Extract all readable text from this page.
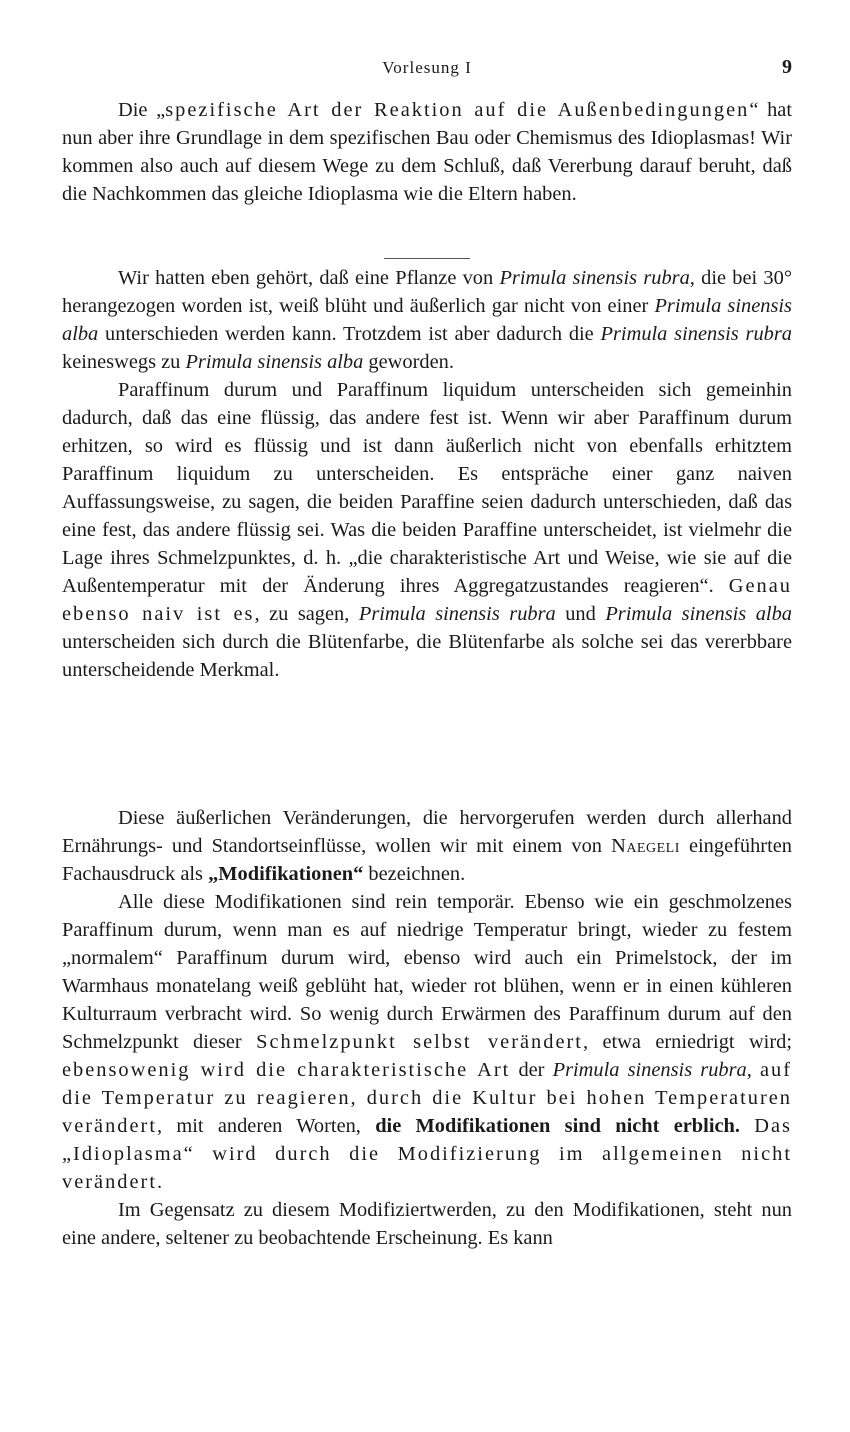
Vorlesung I	9

Die „spezifische Art der Reaktion auf die Außenbedingungen“ hat nun aber ihre Grundlage in dem spezifischen Bau oder Chemismus des Idioplasmas! Wir kommen also auch auf diesem Wege zu dem Schluß, daß Vererbung darauf beruht, daß die Nachkommen das gleiche Idioplasma wie die Eltern haben.

Wir hatten eben gehört, daß eine Pflanze von Primula sinensis rubra, die bei 30° herangezogen worden ist, weiß blüht und äußerlich gar nicht von einer Primula sinensis alba unterschieden werden kann. Trotzdem ist aber dadurch die Primula sinensis rubra keineswegs zu Primula sinensis alba geworden.

Paraffinum durum und Paraffinum liquidum unterscheiden sich gemeinhin dadurch, daß das eine flüssig, das andere fest ist. Wenn wir aber Paraffinum durum erhitzen, so wird es flüssig und ist dann äußerlich nicht von ebenfalls erhitztem Paraffinum liquidum zu unterscheiden. Es entspräche einer ganz naiven Auffassungsweise, zu sagen, die beiden Paraffine seien dadurch unterschieden, daß das eine fest, das andere flüssig sei. Was die beiden Paraffine unterscheidet, ist vielmehr die Lage ihres Schmelzpunktes, d. h. „die charakteristische Art und Weise, wie sie auf die Außentemperatur mit der Änderung ihres Aggregatzustandes reagieren“. Genau ebenso naiv ist es, zu sagen, Primula sinensis rubra und Primula sinensis alba unterscheiden sich durch die Blütenfarbe, die Blütenfarbe als solche sei das vererbbare unterscheidende Merkmal.

Diese äußerlichen Veränderungen, die hervorgerufen werden durch allerhand Ernährungs- und Standortseinflüsse, wollen wir mit einem von Naegeli eingeführten Fachausdruck als „Modifikationen“ bezeichnen.

Alle diese Modifikationen sind rein temporär. Ebenso wie ein geschmolzenes Paraffinum durum, wenn man es auf niedrige Temperatur bringt, wieder zu festem „normalem“ Paraffinum durum wird, ebenso wird auch ein Primelstock, der im Warmhaus monatelang weiß geblüht hat, wieder rot blühen, wenn er in einen kühleren Kulturraum verbracht wird. So wenig durch Erwärmen des Paraffinum durum auf den Schmelzpunkt dieser Schmelzpunkt selbst verändert, etwa erniedrigt wird; ebensowenig wird die charakteristische Art der Primula sinensis rubra, auf die Temperatur zu reagieren, durch die Kultur bei hohen Temperaturen verändert, mit anderen Worten, die Modifikationen sind nicht erblich. Das „Idioplasma“ wird durch die Modifizierung im allgemeinen nicht verändert.

Im Gegensatz zu diesem Modifiziertwerden, zu den Modifikationen, steht nun eine andere, seltener zu beobachtende Erscheinung. Es kann
